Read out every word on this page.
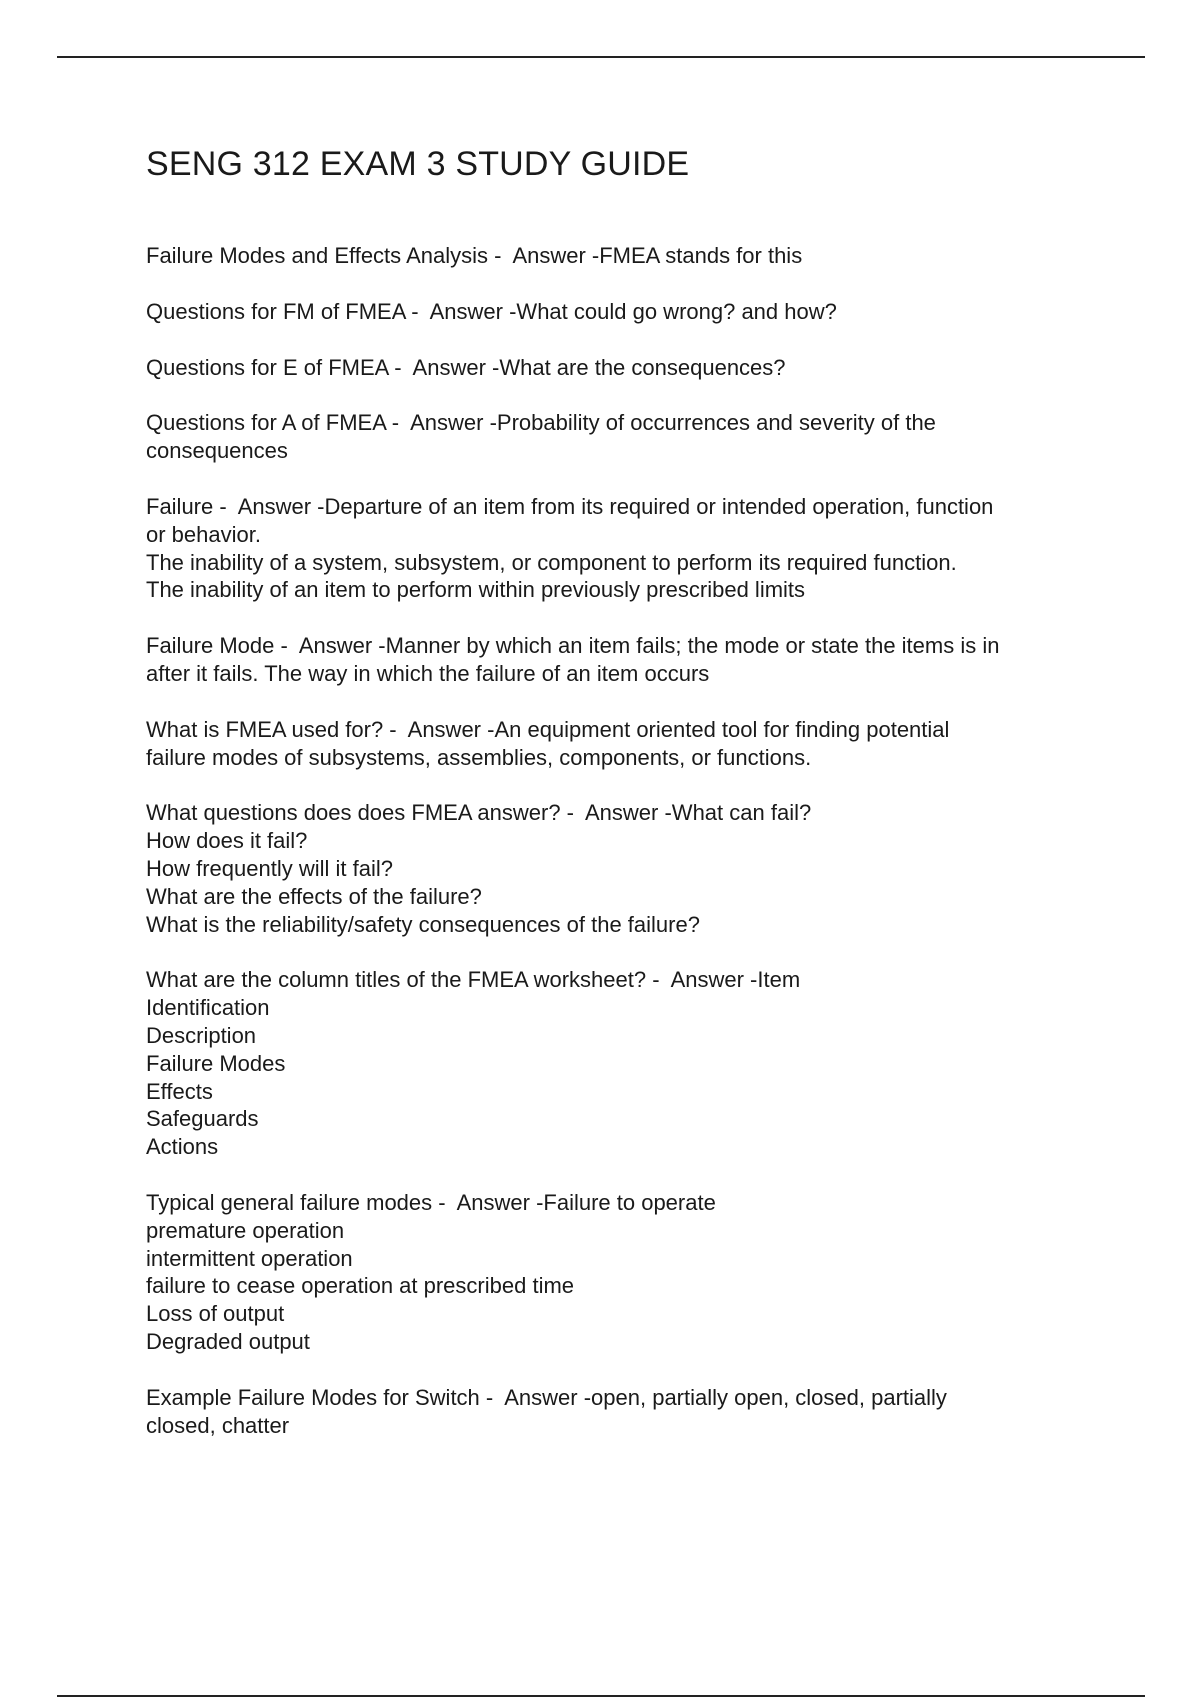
SENG 312 EXAM 3 STUDY GUIDE

Failure Modes and Effects Analysis -  Answer -FMEA stands for this

Questions for FM of FMEA -  Answer -What could go wrong? and how?

Questions for E of FMEA -  Answer -What are the consequences?

Questions for A of FMEA -  Answer -Probability of occurrences and severity of the
consequences

Failure -  Answer -Departure of an item from its required or intended operation, function
or behavior.
The inability of a system, subsystem, or component to perform its required function.
The inability of an item to perform within previously prescribed limits

Failure Mode -  Answer -Manner by which an item fails; the mode or state the items is in
after it fails. The way in which the failure of an item occurs

What is FMEA used for? -  Answer -An equipment oriented tool for finding potential
failure modes of subsystems, assemblies, components, or functions.

What questions does does FMEA answer? -  Answer -What can fail?
How does it fail?
How frequently will it fail?
What are the effects of the failure?
What is the reliability/safety consequences of the failure?

What are the column titles of the FMEA worksheet? -  Answer -Item
Identification
Description
Failure Modes
Effects
Safeguards
Actions

Typical general failure modes -  Answer -Failure to operate
premature operation
intermittent operation
failure to cease operation at prescribed time
Loss of output
Degraded output

Example Failure Modes for Switch -  Answer -open, partially open, closed, partially
closed, chatter
